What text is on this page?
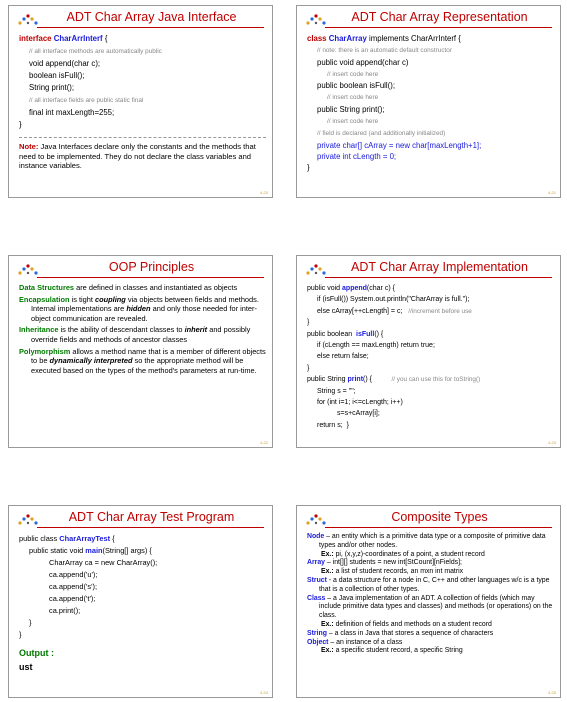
ADT Char Array Java Interface
interface CharArrInterf {
// all interface methods are automatically public
void append(char c);
boolean isFull();
String print();
// all interface fields are public static final
final int maxLength=255;
}
Note: Java Interfaces declare only the constants and the methods that need to be implemented. They do not declare the class variables and instance variables.
4-20
ADT Char Array Representation
class CharArray implements CharArrInterf {
// note: there is an automatic default constructor
public void append(char c)
// insert code here
public boolean isFull();
// insert code here
public String print();
// insert code here
// field is declared (and additionally initialized)
private char[] cArray = new char[maxLength+1];
private int cLength = 0;
}
4-21
OOP Principles
Data Structures are defined in classes and instantiated as objects
Encapsulation is tight coupling via objects between fields and methods. Internal implementations are hidden and only those needed for inter-object communication are revealed.
Inheritance is the ability of descendant classes to inherit and possibly override fields and methods of ancestor classes
Polymorphism allows a method name that is a member of different objects to be dynamically interpreted so the appropriate method will be executed based on the types of the method's parameters at run-time.
4-22
ADT Char Array Implementation
public void append(char c) {
if (isFull()) System.out.println("CharArray is full.");
else cArray[++cLength] = c;   //increment before use
}
public boolean  isFull() {
if (cLength == maxLength) return true;
else return false;
}
public String print() {          // you can use this for toString()
String s = "";
for (int i=1; i<=cLength; i++)
s=s+cArray[i];
return s;  }
4-23
ADT Char Array Test Program
public class CharArrayTest {
public static void main(String[] args) {
CharArray ca = new CharArray();
ca.append('u');
ca.append('s');
ca.append('t');
ca.print();
}
}
Output :
ust
4-24
Composite Types
Node – an entity which is a primitive data type or a composite of primitive data types and/or other nodes.
Ex.: pi, (x,y,z)-coordinates of a point, a student record
Array – int[][] students = new int[StCount][nFields];
Ex.: a list of student records, an mxn int matrix
Struct - a data structure for a node in C, C++ and other languages w/c is a type that is a collection of other types.
Class – a Java implementation of an ADT. A collection of fields (which may include primitive data types and classes) and methods (or operations) on the class.
Ex.: definition of fields and methods on a student record
String – a class in Java that stores a sequence of characters
Object – an instance of a class
Ex.: a specific student record, a specific String
4-25
